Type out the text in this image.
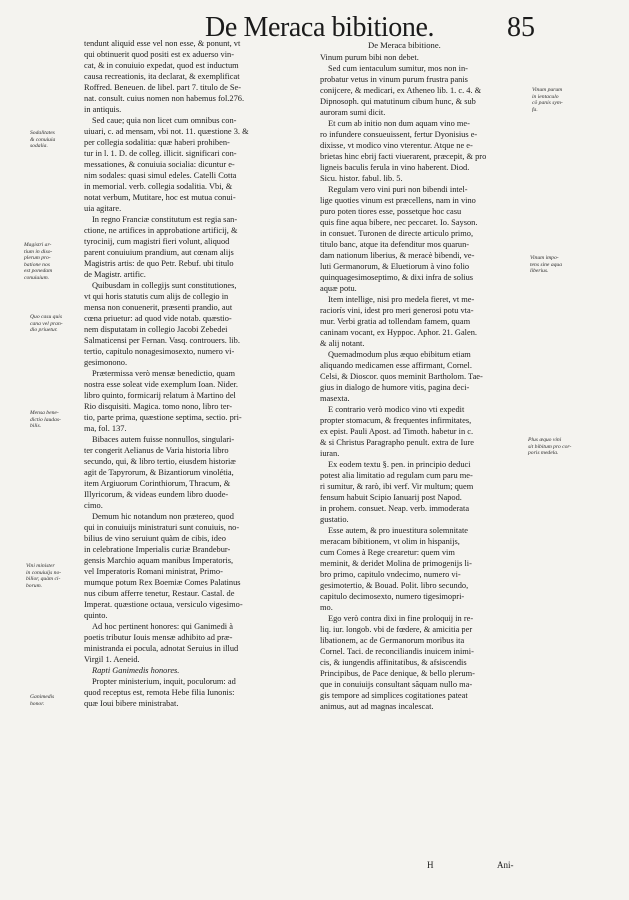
De Meraca bibitione.	85
tendunt aliquid esse vel non esse, & ponunt, vt
qui obtinuerit quod positi est ex aduerso vin-
cat, & in conuiuio expedat, quod est inductum
causa recreationis, ita declarat, & exemplificat
Roffred. Beneuen. de libel. part 7. titulo de Se-
nat. consult. cuius nomen non habemus fol.276.
in antiquis.
Sed caue; quia non licet cum omnibus con-
uiuari, c. ad mensam, vbi not. 11. quæstione 3. &
per collegia sodalitia: quæ haberi prohiben-
tur in l. 1. D. de colleg. illicit. significari con-
messationes, & conuiuia socialia: dicuntur e-
nim sodales: quasi simul edeles. Catelli Cotta
in memorial. verb. collegia sodalitia. Vbi, &
notat verbum, Mutitare, hoc est mutua conui-
uia agitare.
In regno Franciæ constitutum est regia san-
ctione, ne artifices in approbatione artificij, &
tyrocinij, cum magistri fieri volunt, aliquod
parent conuiuium prandium, aut cœnam alijs
Magistris artis: de quo Petr. Rebuf. ubi titulo
de Magistr. artific.
Quibusdam in collegijs sunt constitutiones,
vt qui horis statutis cum alijs de collegio in
mensa non conuenerit, præsenti prandio, aut
cœna priuetur: ad quod vide notab. quæstio-
nem disputatam in collegio Jacobi Zebedei
Salmaticensi per Fernan. Vasq. controuers. lib.
tertio, capitulo nonagesimosexto, numero vi-
gesimonono.
Prætermissa verò mensæ benedictio, quam
nostra esse soleat vide exemplum Ioan. Nider.
libro quinto, formicarij relatum à Martino del
Rio disquisiti. Magica. tomo nono, libro ter-
tio, parte prima, quæstione septima, sectio. pri-
ma, fol. 137.
Bibaces autem fuisse nonnullos, singulari-
ter congerit Aelianus de Varia historia libro
secundo, qui, & libro tertio, eiusdem historiæ
agit de Tapyrorum, & Bizantiorum vinolétia,
item Argiuorum Corinthiorum, Thracum, &
Illyricorum, & videas eundem libro duode-
cimo.
Demum hic notandum non prætereo, quod
qui in conuiuijs ministraturi sunt conuiuis, no-
bilius de vino seruiunt quàm de cibis, ideo
in celebratione Imperialis curiæ Brandebur-
gensis Marchio aquam manibus Imperatoris,
vel Imperatoris Romani ministrat, Primo-
mumque potum Rex Boemiæ Comes Palatinus
nus cibum afferre tenetur, Restaur. Castal. de
Imperat. quæstione octaua, versiculo vigesimo-
quinto.
Ad hoc pertinent honores: qui Ganimedi à
poetis tributur Iouis mensæ adhibito ad præ-
ministranda ei pocula, adnotat Seruius in illud
Virgil 1. Aeneid.
Rapti Ganimedis honores.
Propter ministerium, inquit, poculorum: ad
quod receptus est, remota Hebe filia Iunonis:
quæ Ioui bibere ministrabat.
De Meraca bibitione.
Vinum purum bibi non debet.
Sed cum ientaculum sumitur, mos non in-
probatur vetus in vinum purum frustra panis
conijcere, & medicari, ex Atheneo lib. 1. c. 4. &
Dipnosoph. qui matutinum cibum hunc, & sub
auroram sumi dicit.
Et cum ab initio non dum aquam vino me-
ro infundere consueuissent, fertur Dyonisius e-
dixisse, vt modico vino vterentur. Atque ne e-
brietas hinc ebrij facti viuerarent, præcepit, & pro
ligneis baculis ferula in vino haberent. Diod.
Sicu. histor. fabul. lib. 5.
Regulam vero vini puri non bibendi intel-
lige quoties vinum est præcellens, nam in vino
puro poten tiores esse, possetque hoc casu
quis fine aqua bibere, nec peccaret. Io. Sayson.
in consuet. Turonen de directe articulo primo,
titulo banc, atque ita defenditur mos quarun-
dam nationum liberius, & meracè bibendi, ve-
luti Germanorum, & Eluetiorum à vino folio
quinquagesimoseptimo, & dixi infra de solius
aquæ potu.
Item intellige, nisi pro medela fieret, vt me-
raciorís vini, idest pro meri generosi potu vta-
mur. Verbi gratia ad tollendam famem, quam
caninam vocant, ex Hyppoc. Aphor. 21. Galen.
& alij notant.
Quemadmodum plus æquo ebibitum etiam
aliquando medicamen esse affirmant, Cornel.
Celsi, & Dioscor. quos meminit Bartholom. Tae-
gius in dialogo de humore vitis, pagina deci-
masexta.
E contrario verò modico vino vti expedit
propter stomacum, & frequentes infirmitates,
ex epist. Pauli Apost. ad Timoth. habetur in c.
& si Christus Paragrapho penult. extra de Iure
iuran.
Ex eodem textu §. pen. in principio deduci
potest alia limitatio ad regulam cum paru me-
ri sumitur, & rarò, ibi verf. Vir multum; quem
fensum habuit Scipio Ianuarij post Napod.
in prohem. consuet. Neap. verb. immoderata
gustatio.
Esse autem, & pro inuestitura solemnitate
meracam bibitionem, vt olim in hispanijs,
cum Comes à Rege crearetur: quem vim
meminit, & deridet Molina de primogenijs li-
bro primo, capitulo vndecimo, numero vi-
gesimotertio, & Bouad. Polit. libro secundo,
capitulo decimosexto, numero tigesimopri-
mo.
Ego verò contra dixi in fine proloquij in re-
liq. iur. longob. vbi de fœdere, & amicitia per
libationem, ac de Germanorum moribus ita
Cornel. Taci. de reconciliandis inuicem inimi-
cis, & iungendis affinitatibus, & afsiscendis
Principibus, de Pace denique, & bello plerum-
que in conuiuijs consultant sãquam nullo ma-
gis tempore ad simplices cogitationes pateat
animus, aut ad magnas incalescat.
Sodalitates
& conuiuia
sodalia.
Magistri ar-
tium in diso-
plerum pro-
batione nos
est ponedam
conuiuium.
Quo casu quis
cana vel pran-
dio priuetur.
Mensa bene-
dictio laudas-
bilis.
Vini minister
in conuiuijs no-
bilior, quàm ci-
borum.
Ganimedis
honor.
Vinum purum
in ientaculo
cõ panis sym-
fa.
Vinum impo-
tens sine aqua
liberius.
Plus æquo vini
sit bibitum pro cor-
poris medela.
H	Ani-
